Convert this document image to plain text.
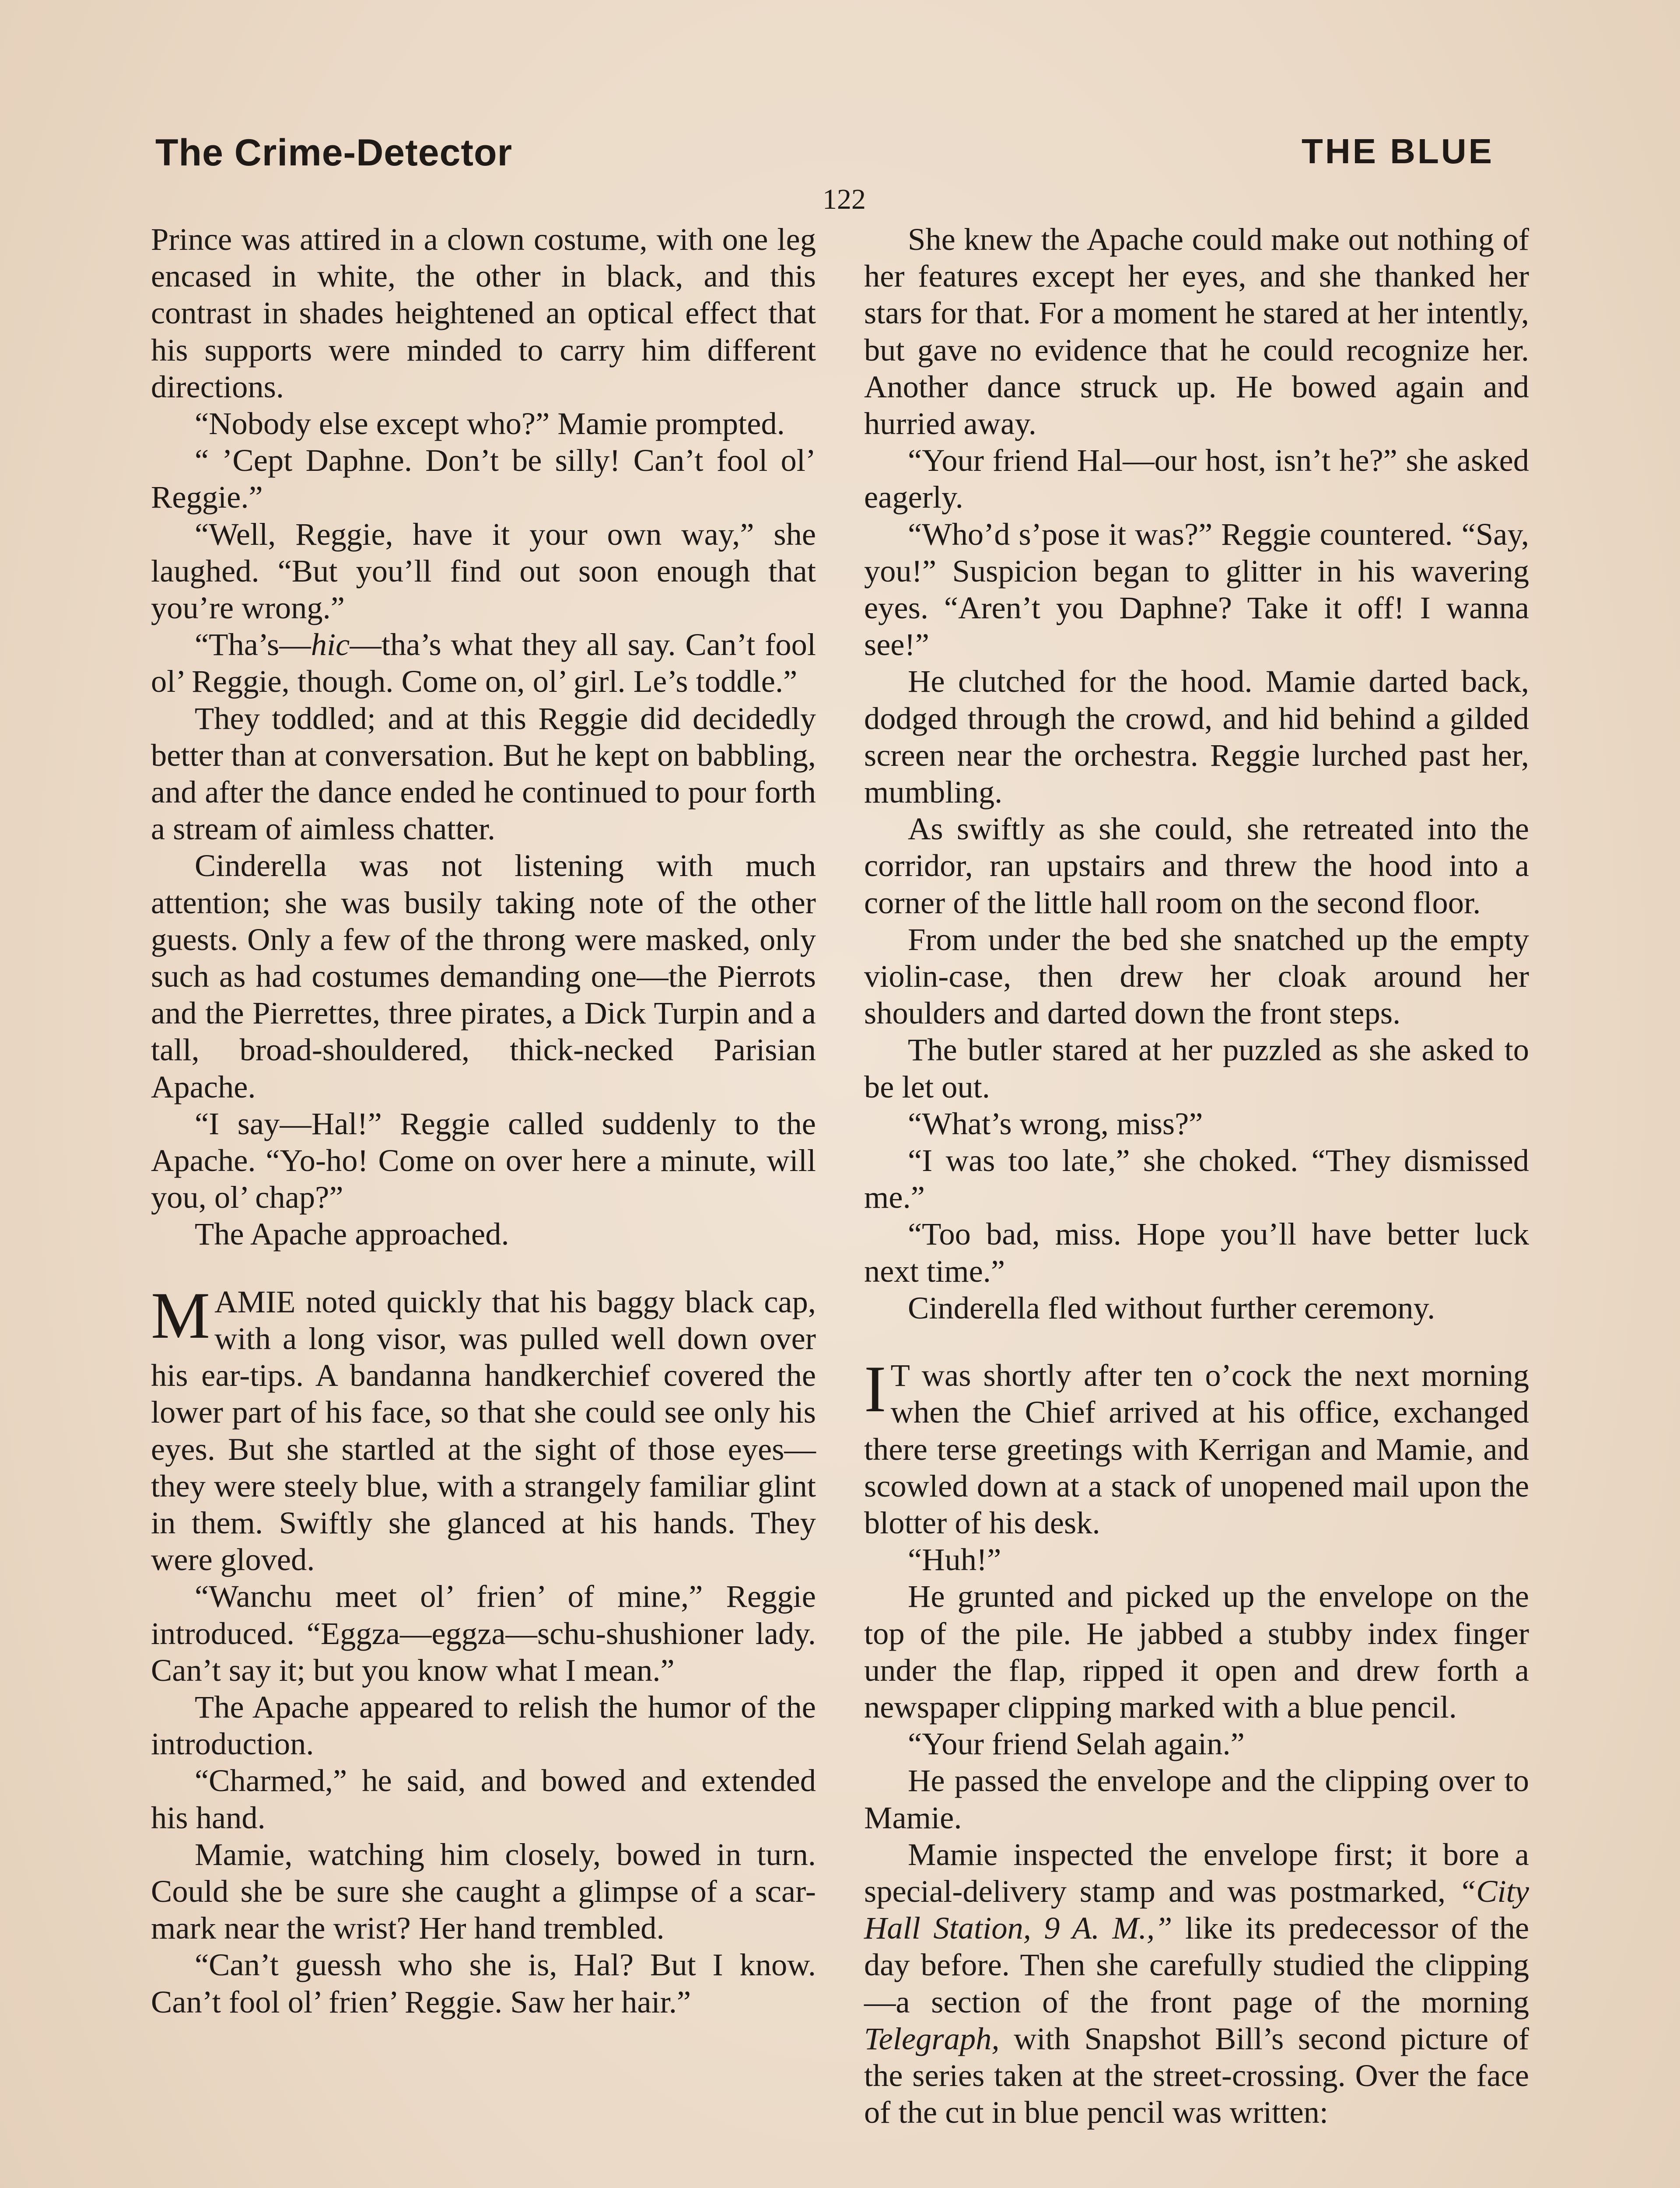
The Crime-Detector	THE BLUE
122

Prince was attired in a clown costume, with one leg encased in white, the other in black, and this contrast in shades heightened an optical effect that his supports were minded to carry him different directions.

“Nobody else except who?” Mamie prompted.

“ ’Cept Daphne. Don’t be silly! Can’t fool ol’ Reggie.”

“Well, Reggie, have it your own way,” she laughed. “But you’ll find out soon enough that you’re wrong.”

“Tha’s—hic—tha’s what they all say. Can’t fool ol’ Reggie, though. Come on, ol’ girl. Le’s toddle.”

They toddled; and at this Reggie did decidedly better than at conversation. But he kept on babbling, and after the dance ended he continued to pour forth a stream of aimless chatter.

Cinderella was not listening with much attention; she was busily taking note of the other guests. Only a few of the throng were masked, only such as had costumes demanding one—the Pierrots and the Pierrettes, three pirates, a Dick Turpin and a tall, broad-shouldered, thick-necked Parisian Apache.

“I say—Hal!” Reggie called suddenly to the Apache. “Yo-ho! Come on over here a minute, will you, ol’ chap?”

The Apache approached.

MAMIE noted quickly that his baggy black cap, with a long visor, was pulled well down over his ear-tips. A bandanna handkerchief covered the lower part of his face, so that she could see only his eyes. But she startled at the sight of those eyes—they were steely blue, with a strangely familiar glint in them. Swiftly she glanced at his hands. They were gloved.

“Wanchu meet ol’ frien’ of mine,” Reggie introduced. “Eggza—eggza—schu-shushioner lady. Can’t say it; but you know what I mean.”

The Apache appeared to relish the humor of the introduction.

“Charmed,” he said, and bowed and extended his hand.

Mamie, watching him closely, bowed in turn. Could she be sure she caught a glimpse of a scar-mark near the wrist? Her hand trembled.

“Can’t guessh who she is, Hal? But I know. Can’t fool ol’ frien’ Reggie. Saw her hair.”

She knew the Apache could make out nothing of her features except her eyes, and she thanked her stars for that. For a moment he stared at her intently, but gave no evidence that he could recognize her. Another dance struck up. He bowed again and hurried away.

“Your friend Hal—our host, isn’t he?” she asked eagerly.

“Who’d s’pose it was?” Reggie countered. “Say, you!” Suspicion began to glitter in his wavering eyes. “Aren’t you Daphne? Take it off! I wanna see!”

He clutched for the hood. Mamie darted back, dodged through the crowd, and hid behind a gilded screen near the orchestra. Reggie lurched past her, mumbling.

As swiftly as she could, she retreated into the corridor, ran upstairs and threw the hood into a corner of the little hall room on the second floor.

From under the bed she snatched up the empty violin-case, then drew her cloak around her shoulders and darted down the front steps.

The butler stared at her puzzled as she asked to be let out.

“What’s wrong, miss?”

“I was too late,” she choked. “They dismissed me.”

“Too bad, miss. Hope you’ll have better luck next time.”

Cinderella fled without further ceremony.

I T was shortly after ten o’cock the next morning when the Chief arrived at his office, exchanged there terse greetings with Kerrigan and Mamie, and scowled down at a stack of unopened mail upon the blotter of his desk.

“Huh!”

He grunted and picked up the envelope on the top of the pile. He jabbed a stubby index finger under the flap, ripped it open and drew forth a newspaper clipping marked with a blue pencil.

“Your friend Selah again.”

He passed the envelope and the clipping over to Mamie.

Mamie inspected the envelope first; it bore a special-delivery stamp and was postmarked, “City Hall Station, 9 A. M.,” like its predecessor of the day before. Then she carefully studied the clipping—a section of the front page of the morning Telegraph, with Snapshot Bill’s second picture of the series taken at the street-crossing. Over the face of the cut in blue pencil was written:
